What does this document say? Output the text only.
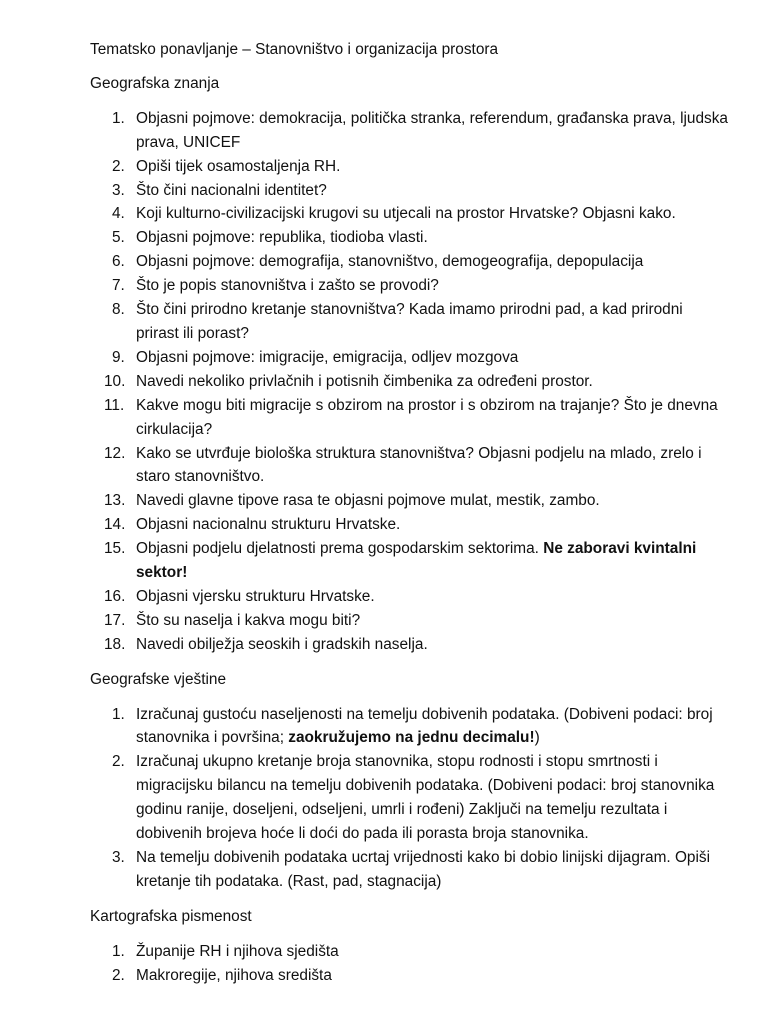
Tematsko ponavljanje – Stanovništvo i organizacija prostora
Geografska znanja
1. Objasni pojmove: demokracija, politička stranka, referendum, građanska prava, ljudska prava, UNICEF
2. Opiši tijek osamostaljenja RH.
3. Što čini nacionalni identitet?
4. Koji kulturno-civilizacijski krugovi su utjecali na prostor Hrvatske? Objasni kako.
5. Objasni pojmove: republika, tiodioba vlasti.
6. Objasni pojmove: demografija, stanovništvo, demogeografija, depopulacija
7. Što je popis stanovništva i zašto se provodi?
8. Što čini prirodno kretanje stanovništva? Kada imamo prirodni pad, a kad prirodni prirast ili porast?
9. Objasni pojmove: imigracije, emigracija, odljev mozgova
10. Navedi nekoliko privlačnih i potisnih čimbenika za određeni prostor.
11. Kakve mogu biti migracije s obzirom na prostor i s obzirom na trajanje? Što je dnevna cirkulacija?
12. Kako se utvrđuje biološka struktura stanovništva? Objasni podjelu na mlado, zrelo i staro stanovništvo.
13. Navedi glavne tipove rasa te objasni pojmove mulat, mestik, zambo.
14. Objasni nacionalnu strukturu Hrvatske.
15. Objasni podjelu djelatnosti prema gospodarskim sektorima. Ne zaboravi kvintalni sektor!
16. Objasni vjersku strukturu Hrvatske.
17. Što su naselja i kakva mogu biti?
18. Navedi obilježja seoskih i gradskih naselja.
Geografske vještine
1. Izračunaj gustoću naseljenosti na temelju dobivenih podataka. (Dobiveni podaci: broj stanovnika i površina; zaokružujemo na jednu decimalu!)
2. Izračunaj ukupno kretanje broja stanovnika, stopu rodnosti i stopu smrtnosti i migracijsku bilancu na temelju dobivenih podataka. (Dobiveni podaci: broj stanovnika godinu ranije, doseljeni, odseljeni, umrli i rođeni) Zaključi na temelju rezultata i dobivenih brojeva hoće li doći do pada ili porasta broja stanovnika.
3. Na temelju dobivenih podataka ucrtaj vrijednosti kako bi dobio linijski dijagram. Opiši kretanje tih podataka. (Rast, pad, stagnacija)
Kartografska pismenost
1. Županije RH i njihova sjedišta
2. Makroregije, njihova središta
